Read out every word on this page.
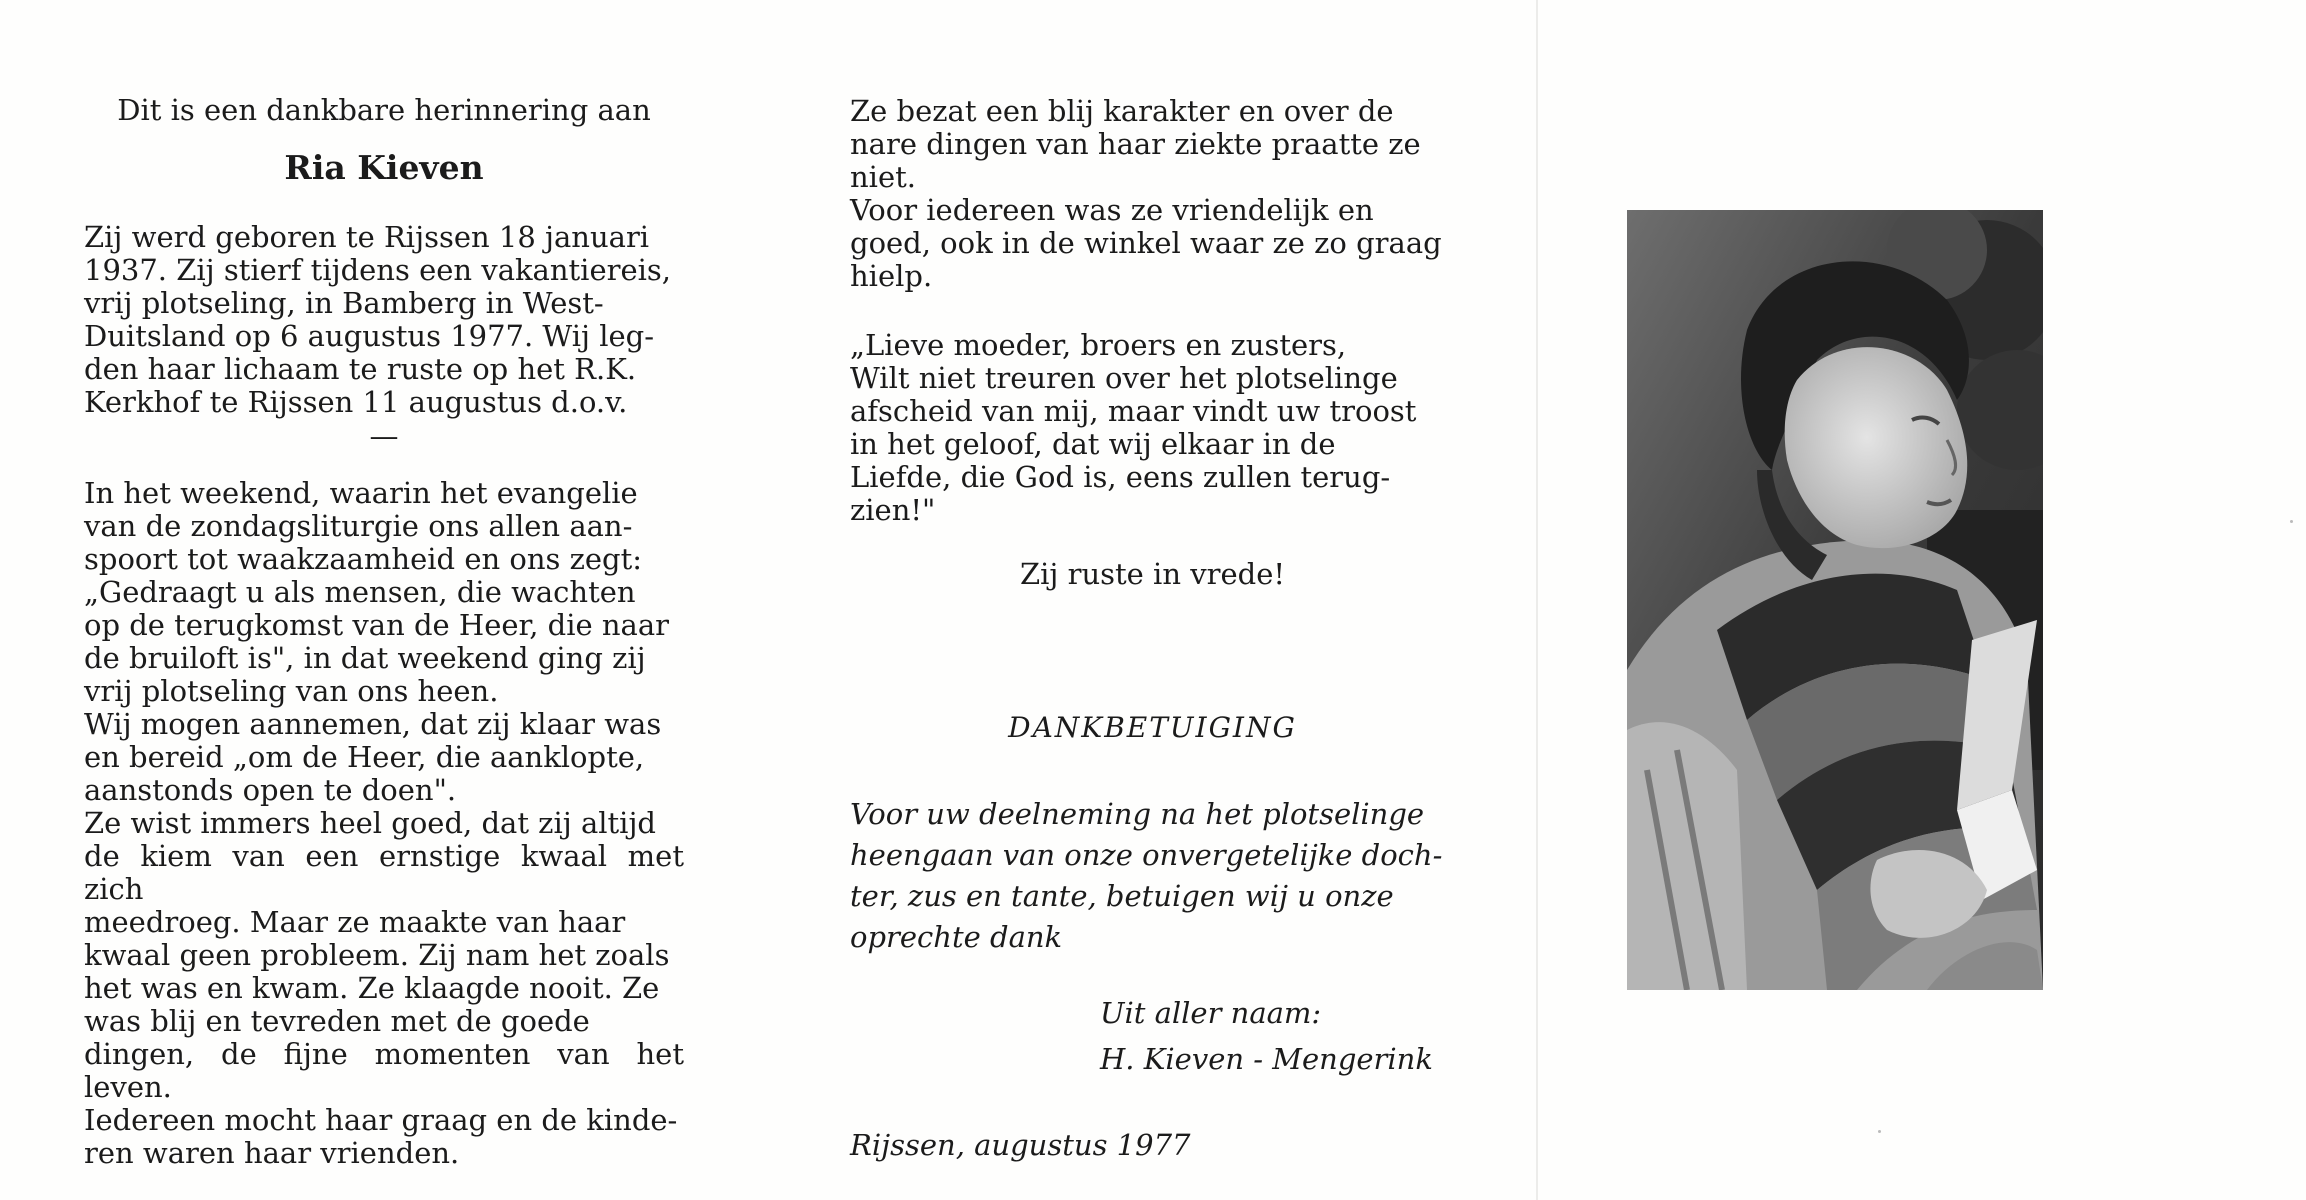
Dit is een dankbare herinnering aan
Ria Kieven
Zij werd geboren te Rijssen 18 januari
1937. Zij stierf tijdens een vakantiereis,
vrij plotseling, in Bamberg in West-
Duitsland op 6 augustus 1977. Wij leg-
den haar lichaam te ruste op het R.K.
Kerkhof te Rijssen 11 augustus d.o.v.
—
In het weekend, waarin het evangelie
van de zondagsliturgie ons allen aan-
spoort tot waakzaamheid en ons zegt:
„Gedraagt u als mensen, die wachten
op de terugkomst van de Heer, die naar
de bruiloft is", in dat weekend ging zij
vrij plotseling van ons heen.
Wij mogen aannemen, dat zij klaar was
en bereid „om de Heer, die aanklopte,
aanstonds open te doen".
Ze wist immers heel goed, dat zij altijd
de kiem van een ernstige kwaal met zich
meedroeg. Maar ze maakte van haar
kwaal geen probleem. Zij nam het zoals
het was en kwam. Ze klaagde nooit. Ze
was blij en tevreden met de goede
dingen, de fijne momenten van het leven.
Iedereen mocht haar graag en de kinde-
ren waren haar vrienden.
Ze bezat een blij karakter en over de
nare dingen van haar ziekte praatte ze
niet.
Voor iedereen was ze vriendelijk en
goed, ook in de winkel waar ze zo graag
hielp.
„Lieve moeder, broers en zusters,
Wilt niet treuren over het plotselinge
afscheid van mij, maar vindt uw troost
in het geloof, dat wij elkaar in de
Liefde, die God is, eens zullen terug-
zien!"
Zij ruste in vrede!
DANKBETUIGING
Voor uw deelneming na het plotselinge
heengaan van onze onvergetelijke doch-
ter, zus en tante, betuigen wij u onze
oprechte dank
Uit aller naam:
H. Kieven - Mengerink
Rijssen, augustus 1977
